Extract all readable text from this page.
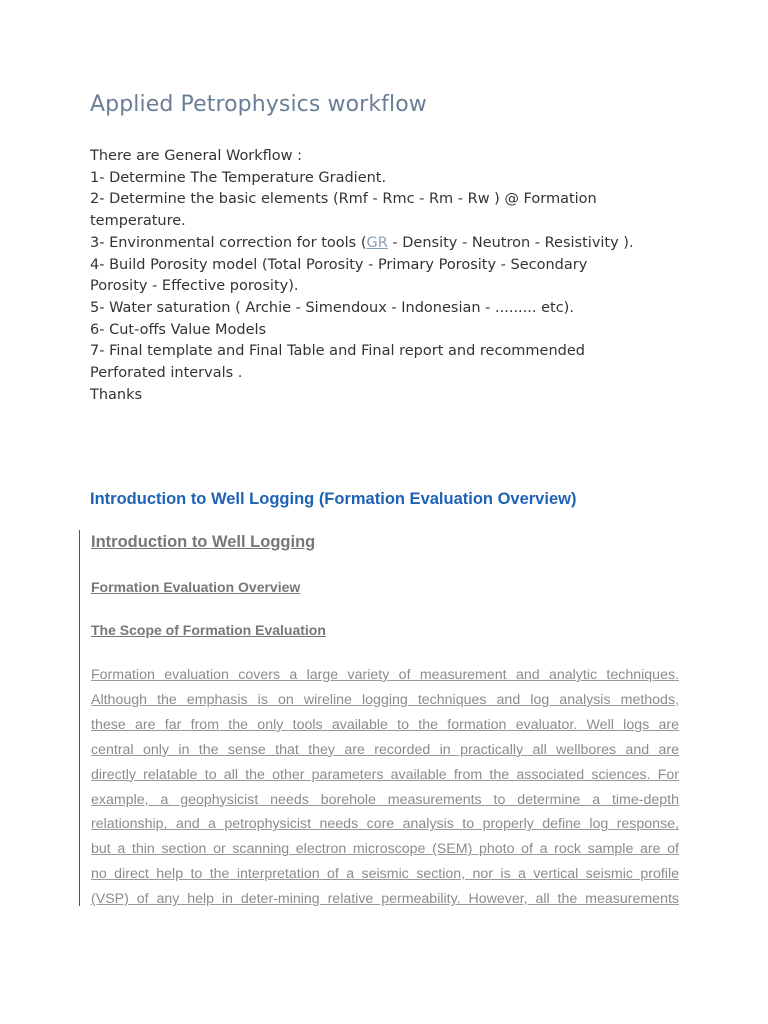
Applied Petrophysics workflow
There are General Workflow :
1- Determine The Temperature Gradient.
2- Determine the basic elements (Rmf - Rmc - Rm - Rw ) @ Formation
temperature.
3- Environmental correction for tools (GR - Density - Neutron - Resistivity ).
4- Build Porosity model (Total Porosity - Primary Porosity - Secondary
Porosity - Effective porosity).
5- Water saturation ( Archie - Simendoux - Indonesian - ......... etc).
6- Cut-offs Value Models
7- Final template and Final Table and Final report and recommended
Perforated intervals .
Thanks
Introduction to Well Logging (Formation Evaluation Overview)
Introduction to Well Logging
Formation Evaluation Overview
The Scope of Formation Evaluation
Formation evaluation covers a large variety of measurement and analytic techniques.
Although the emphasis is on wireline logging techniques and log analysis methods,
these are far from the only tools available to the formation evaluator. Well logs are
central only in the sense that they are recorded in practically all wellbores and are
directly relatable to all the other parameters available from the associated sciences. For
example, a geophysicist needs borehole measurements to determine a time-depth
relationship, and a petrophysicist needs core analysis to properly define log response,
but a thin section or scanning electron microscope (SEM) photo of a rock sample are of
no direct help to the interpretation of a seismic section, nor is a vertical seismic profile
(VSP) of any help in deter-mining relative permeability. However, all the measurements
